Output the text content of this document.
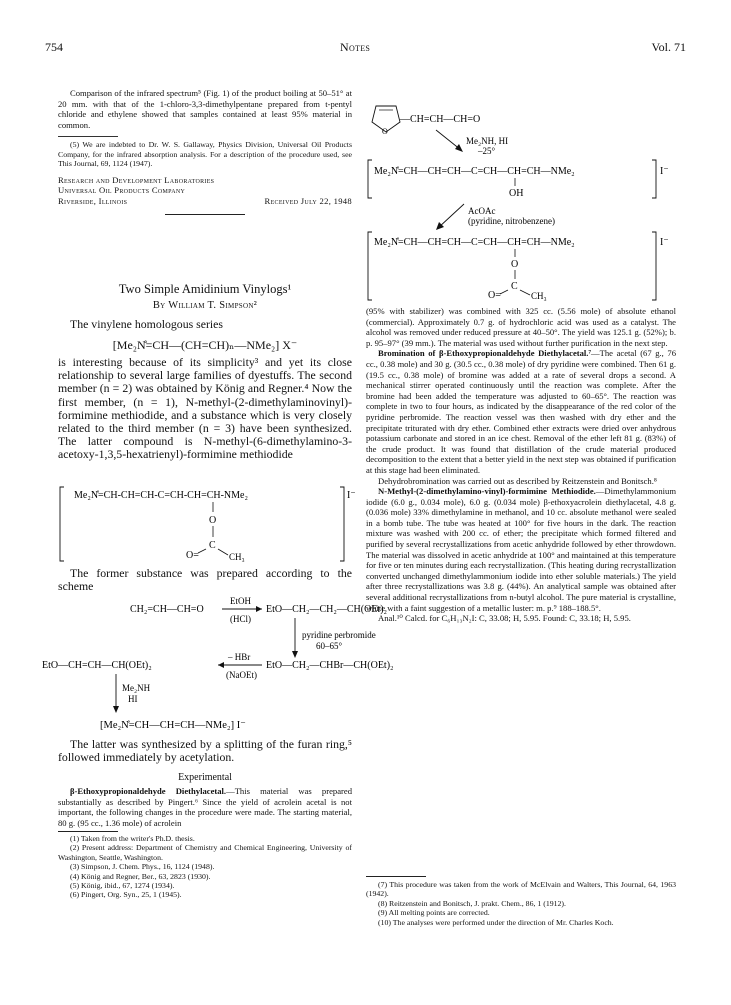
754	Notes	Vol. 71

Comparison of the infrared spectrum⁵ (Fig. 1) of the product boiling at 50–51° at 20 mm. with that of the 1-chloro-3,3-dimethylpentane prepared from t-pentyl chloride and ethylene showed that samples contained at least 95% material in common.

(5) We are indebted to Dr. W. S. Gallaway, Physics Division, Universal Oil Products Company, for the infrared absorption analysis. For a description of the procedure used, see This Journal, 69, 1124 (1947).

Research and Development Laboratories
Universal Oil Products Company
Riverside, Illinois	Received July 22, 1948
Two Simple Amidinium Vinylogs¹
By William T. Simpson²

The vinylene homologous series

[Me₂N̊=CH—(CH=CH)ₙ—NMe₂] X⁻

is interesting because of its simplicity³ and yet its close relationship to several large families of dyestuffs. The second member (n = 2) was obtained by König and Regner.⁴ Now the first member, (n = 1), N-methyl-(2-dimethylaminovinyl)-formimine methiodide, and a substance which is very closely related to the third member (n = 3) have been synthesized. The latter compound is N-methyl-(6-dimethylamino-3-acetoxy-1,3,5-hexatrienyl)-formimine methiodide

Me₂N̊=CH-CH=CH-C=CH-CH=CH-NMe₂	I⁻
O
C
O=	CH₃

The former substance was prepared according to the scheme

CH₂=CH—CH=O
EtOH
(HCl)
EtO—CH₂—CH₂—CH(OEt)₂
pyridine perbromide
60–65°
EtO—CH=CH—CH(OEt)₂
– HBr
(NaOEt)
EtO—CH₂—CHBr—CH(OEt)₂
Me₂NH
HI
[Me₂N̊=CH—CH=CH—NMe₂] I⁻

The latter was synthesized by a splitting of the furan ring,⁵ followed immediately by acetylation.

Experimental

β-Ethoxypropionaldehyde Diethylacetal.—This material was prepared substantially as described by Pingert.⁶ Since the yield of acrolein acetal is not important, the following changes in the procedure were made. The starting material, 80 g. (95 cc., 1.36 mole) of acrolein

(1) Taken from the writer's Ph.D. thesis.

(2) Present address: Department of Chemistry and Chemical Engineering, University of Washington, Seattle, Washington.

(3) Simpson, J. Chem. Phys., 16, 1124 (1948).

(4) König and Regner, Ber., 63, 2823 (1930).

(5) König, ibid., 67, 1274 (1934).

(6) Pingert, Org. Syn., 25, 1 (1945).

O
—CH=CH—CH=O
Me₂NH, HI
–25°
Me₂N̊=CH—CH=CH—C=CH—CH=CH—NMe₂	I⁻
OH
AcOAc
(pyridine, nitrobenzene)
Me₂N̊=CH—CH=CH—C=CH—CH=CH—NMe₂	I⁻
O
C
O=	CH₃

(95% with stabilizer) was combined with 325 cc. (5.56 mole) of absolute ethanol (commercial). Approximately 0.7 g. of hydrochloric acid was used as a catalyst. The alcohol was removed under reduced pressure at 40–50°. The yield was 125.1 g. (52%); b. p. 95–97° (39 mm.). The material was used without further purification in the next step.

Bromination of β-Ethoxypropionaldehyde Diethylacetal.⁷—The acetal (67 g., 76 cc., 0.38 mole) and 30 g. (30.5 cc., 0.38 mole) of dry pyridine were combined. Then 61 g. (19.5 cc., 0.38 mole) of bromine was added at a rate of several drops a second. A mechanical stirrer operated continuously until the reaction was complete. After the bromine had been added the temperature was adjusted to 60–65°. The reaction was complete in two to four hours, as indicated by the disappearance of the red color of the pyridine perbromide. The reaction vessel was then washed with dry ether and the precipitate triturated with dry ether. Combined ether extracts were dried over anhydrous potassium carbonate and stored in an ice chest. Removal of the ether left 81 g. (83%) of the crude product. It was found that distillation of the crude material produced decomposition to the extent that a better yield in the next step was obtained if purification at this stage had been eliminated.

Dehydrobromination was carried out as described by Reitzenstein and Bonitsch.⁸

N-Methyl-(2-dimethylamino-vinyl)-formimine Methiodide.—Dimethylammonium iodide (6.0 g., 0.034 mole), 6.0 g. (0.034 mole) β-ethoxyacrolein diethylacetal, 4.8 g. (0.036 mole) 33% dimethylamine in methanol, and 10 cc. absolute methanol were sealed in a bomb tube. The tube was heated at 100° for five hours in the dark. The reaction mixture was washed with 200 cc. of ether; the precipitate which formed filtered and purified by several recrystallizations from acetic anhydride followed by ether throwdown. The material was dissolved in acetic anhydride at 100° and maintained at this temperature for five or ten minutes during each recrystallization. (This heating during recrystallization converted unchanged dimethylammonium iodide into ether soluble materials.) The yield after three recrystallizations was 3.8 g. (44%). An analytical sample was obtained after several additional recrystallizations from n-butyl alcohol. The pure material is crystalline, white with a faint suggestion of a metallic luster: m. p.⁹ 188–188.5°.

Anal.¹⁰ Calcd. for C₆H₁₃N₂I: C, 33.08; H, 5.95. Found: C, 33.18; H, 5.95.

(7) This procedure was taken from the work of McElvain and Walters, This Journal, 64, 1963 (1942).

(8) Reitzenstein and Bonitsch, J. prakt. Chem., 86, 1 (1912).

(9) All melting points are corrected.

(10) The analyses were performed under the direction of Mr. Charles Koch.
